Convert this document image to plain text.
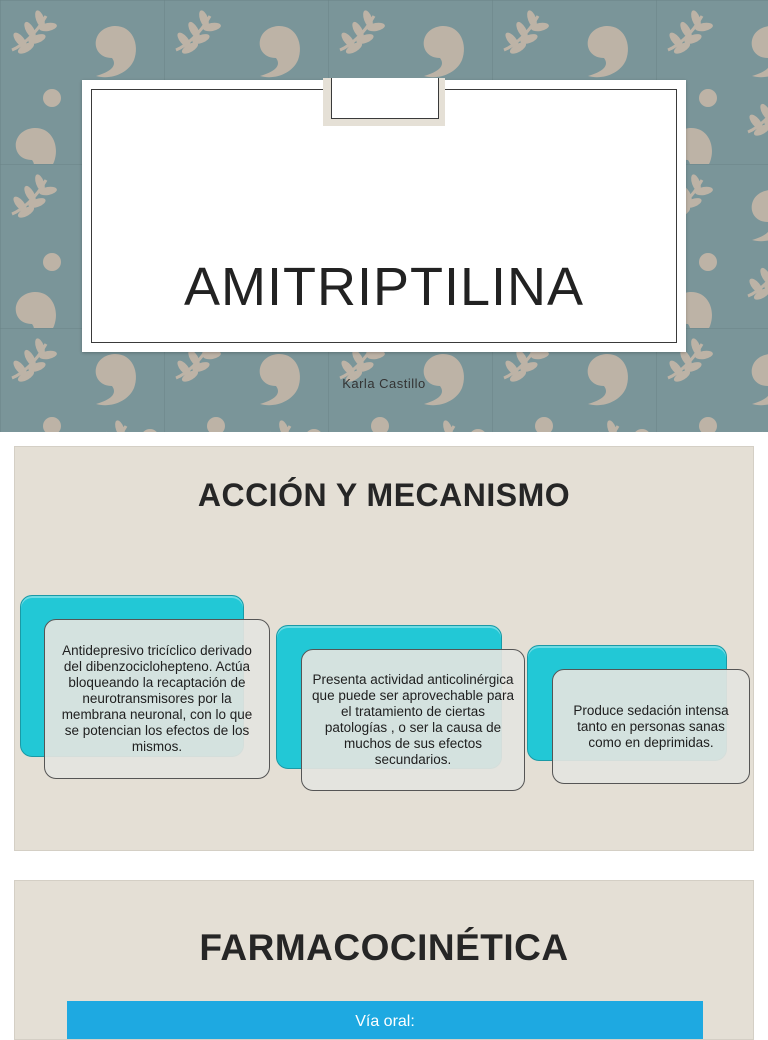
AMITRIPTILINA
Karla Castillo
ACCIÓN Y MECANISMO
Antidepresivo tricíclico derivado del dibenzociclohepteno. Actúa bloqueando la recaptación de neurotransmisores por la membrana neuronal, con lo que se potencian los efectos de los mismos.
Presenta actividad anticolinérgica que puede ser aprovechable para el tratamiento de ciertas patologías , o ser la causa de muchos de sus efectos secundarios.
Produce sedación intensa tanto en personas sanas como en deprimidas.
FARMACOCINÉTICA
Vía oral:
